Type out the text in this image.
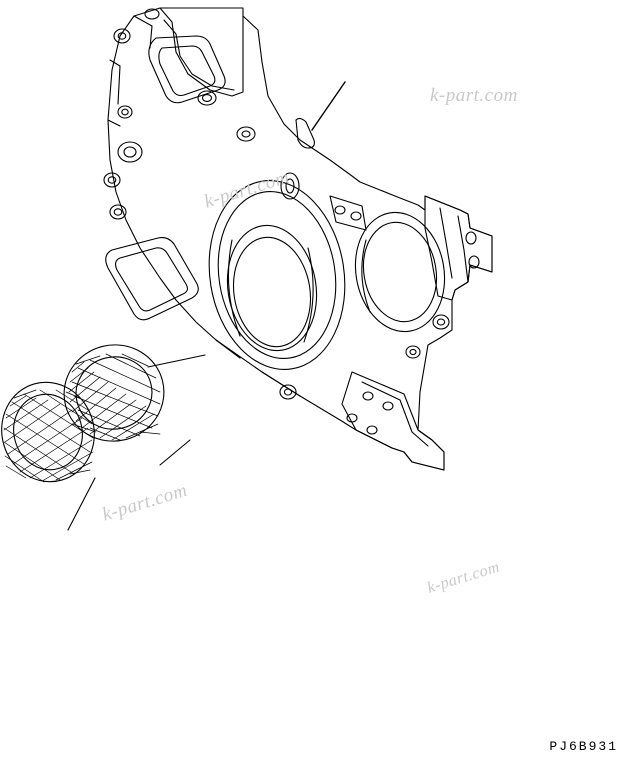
k-part.com
k-part.com
k-part.com
k-part.com
PJ6B931
